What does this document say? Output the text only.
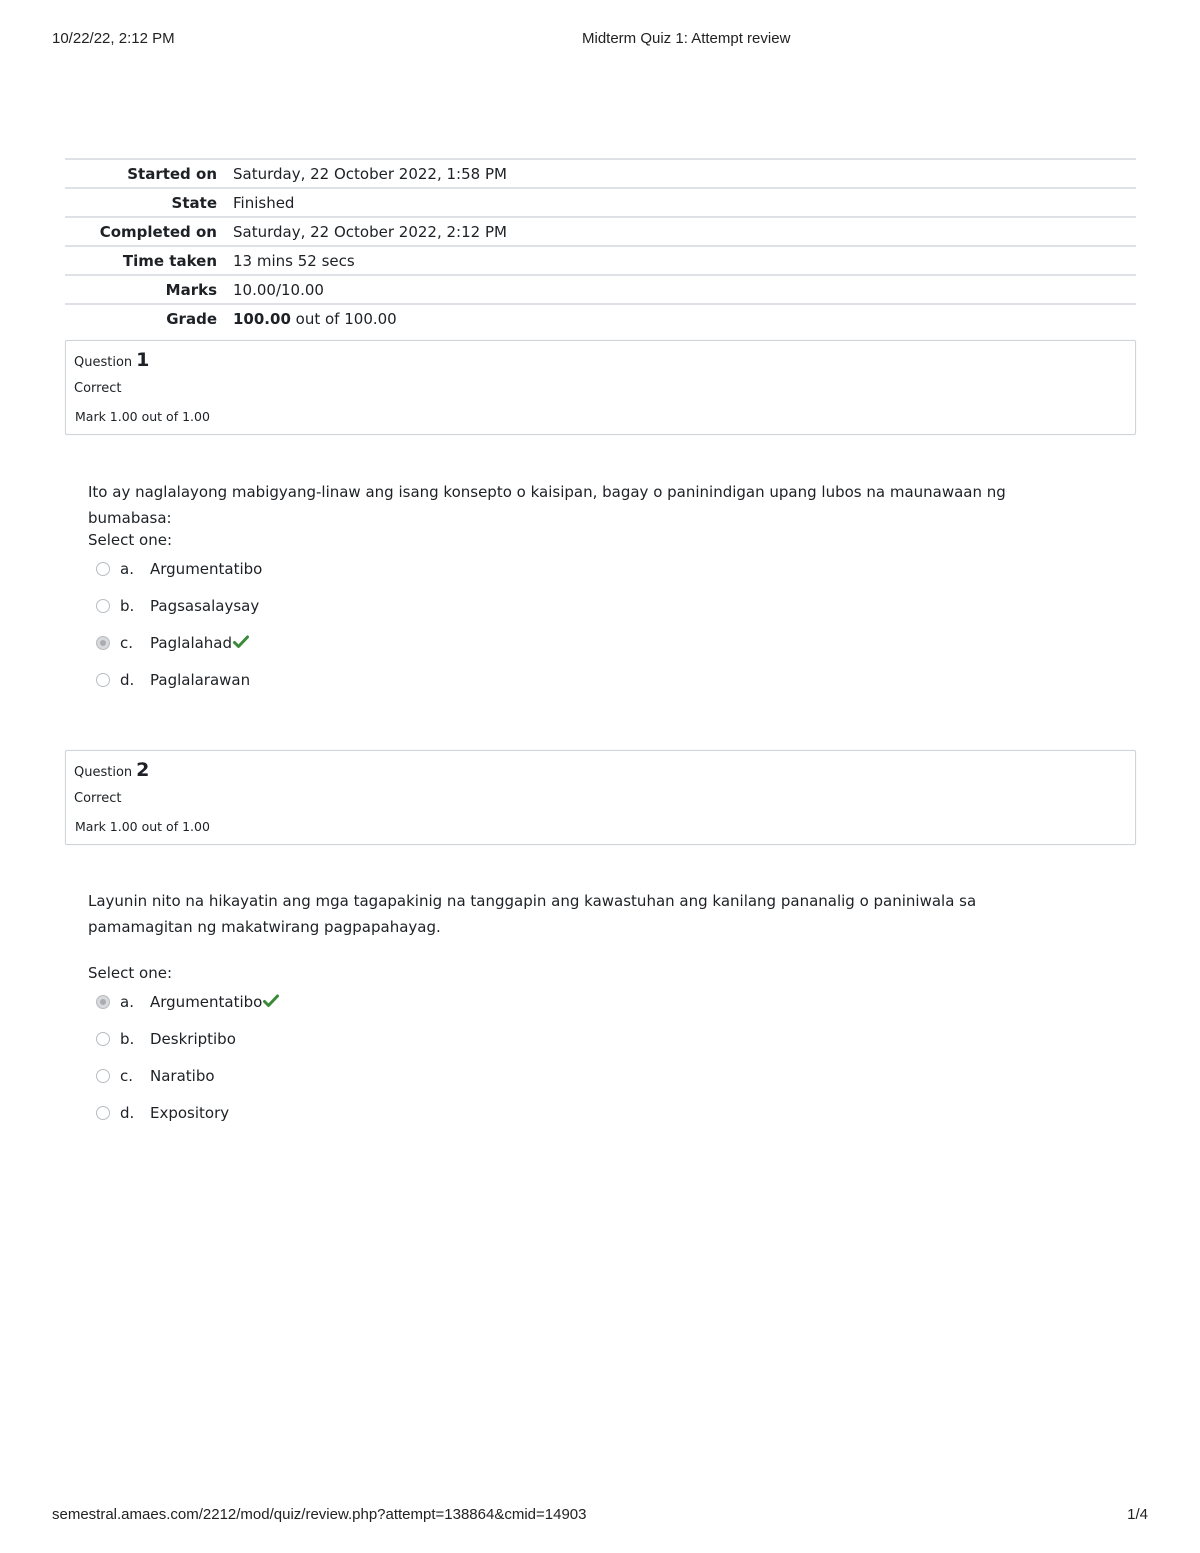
10/22/22, 2:12 PM	Midterm Quiz 1: Attempt review
Started on	Saturday, 22 October 2022, 1:58 PM
State	Finished
Completed on	Saturday, 22 October 2022, 2:12 PM
Time taken	13 mins 52 secs
Marks	10.00/10.00
Grade	100.00 out of 100.00
Question 1
Correct
Mark 1.00 out of 1.00
Ito ay naglalayong mabigyang-linaw ang isang konsepto o kaisipan, bagay o paninindigan upang lubos na maunawaan ng bumabasa:
Select one:
a. Argumentatibo
b. Pagsasalaysay
c. Paglalahad
d. Paglalarawan
Question 2
Correct
Mark 1.00 out of 1.00
Layunin nito na hikayatin ang mga tagapakinig na tanggapin ang kawastuhan ang kanilang pananalig o paniniwala sa pamamagitan ng makatwirang pagpapahayag.
Select one:
a. Argumentatibo
b. Deskriptibo
c. Naratibo
d. Expository
semestral.amaes.com/2212/mod/quiz/review.php?attempt=138864&cmid=14903	1/4
